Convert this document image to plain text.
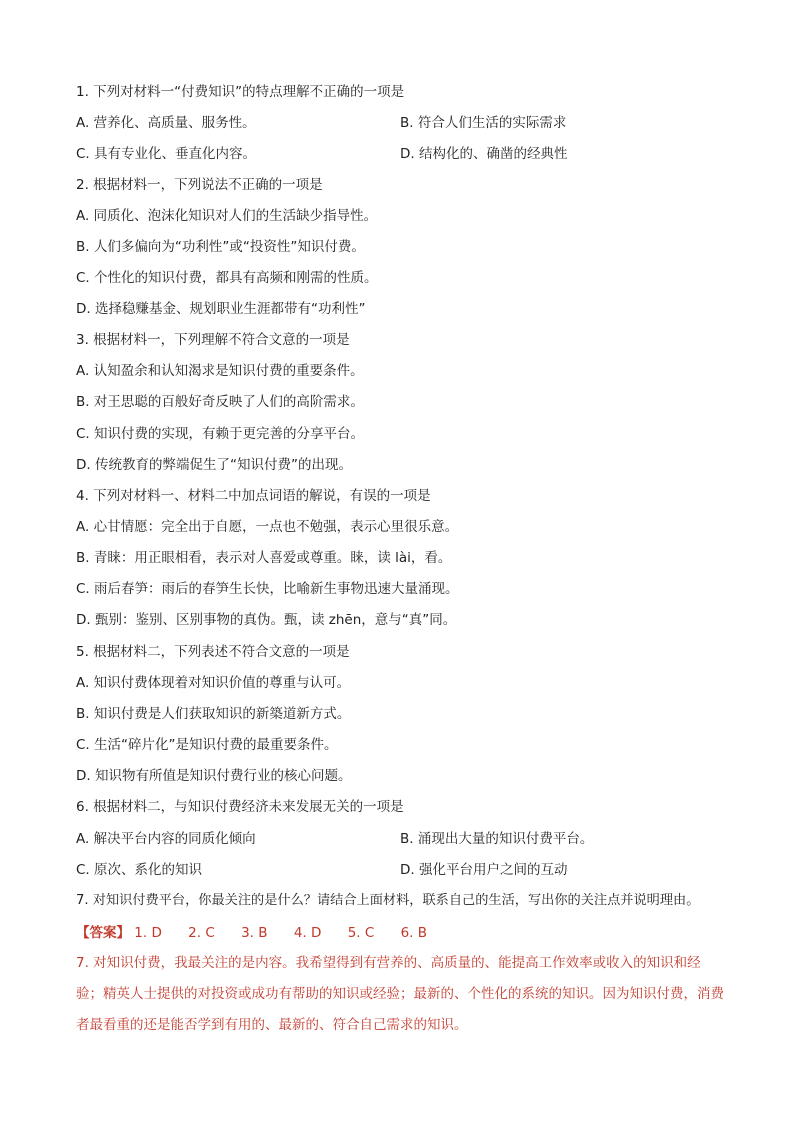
1. 下列对材料一“付费知识”的特点理解不正确的一项是
A. 营养化、高质量、服务性。	B. 符合人们生活的实际需求
C. 具有专业化、垂直化内容。	D. 结构化的、确凿的经典性
2. 根据材料一，下列说法不正确的一项是
A. 同质化、泡沫化知识对人们的生活缺少指导性。
B. 人们多偏向为“功利性”或“投资性”知识付费。
C. 个性化的知识付费，都具有高频和刚需的性质。
D. 选择稳赚基金、规划职业生涯都带有“功利性”
3. 根据材料一，下列理解不符合文意的一项是
A. 认知盈余和认知渴求是知识付费的重要条件。
B. 对王思聪的百般好奇反映了人们的高阶需求。
C. 知识付费的实现，有赖于更完善的分享平台。
D. 传统教育的弊端促生了“知识付费”的出现。
4. 下列对材料一、材料二中加点词语的解说，有误的一项是
A. 心甘情愿：完全出于自愿，一点也不勉强，表示心里很乐意。
B. 青睐：用正眼相看，表示对人喜爱或尊重。睐，读 lài，看。
C. 雨后春笋：雨后的春笋生长快，比喻新生事物迅速大量涌现。
D. 甄别：鉴别、区别事物的真伪。甄，读 zhēn，意与“真”同。
5. 根据材料二，下列表述不符合文意的一项是
A. 知识付费体现着对知识价值的尊重与认可。
B. 知识付费是人们获取知识的新築道新方式。
C. 生活“碎片化”是知识付费的最重要条件。
D. 知识物有所值是知识付费行业的核心问题。
6. 根据材料二，与知识付费经济未来发展无关的一项是
A. 解决平台内容的同质化倾向	B. 涌现出大量的知识付费平台。
C. 原次、系化的知识	D. 强化平台用户之间的互动
7. 对知识付费平台，你最关注的是什么？请结合上面材料，联系自己的生活，写出你的关注点并说明理由。
【答案】 1. D 2. C 3. B 4. D 5. C 6. B
7. 对知识付费，我最关注的是内容。我希望得到有营养的、高质量的、能提高工作效率或收入的知识和经验；精英人士提供的对投资或成功有帮助的知识或经验；最新的、个性化的系统的知识。因为知识付费，消费者最看重的还是能否学到有用的、最新的、符合自己需求的知识。
